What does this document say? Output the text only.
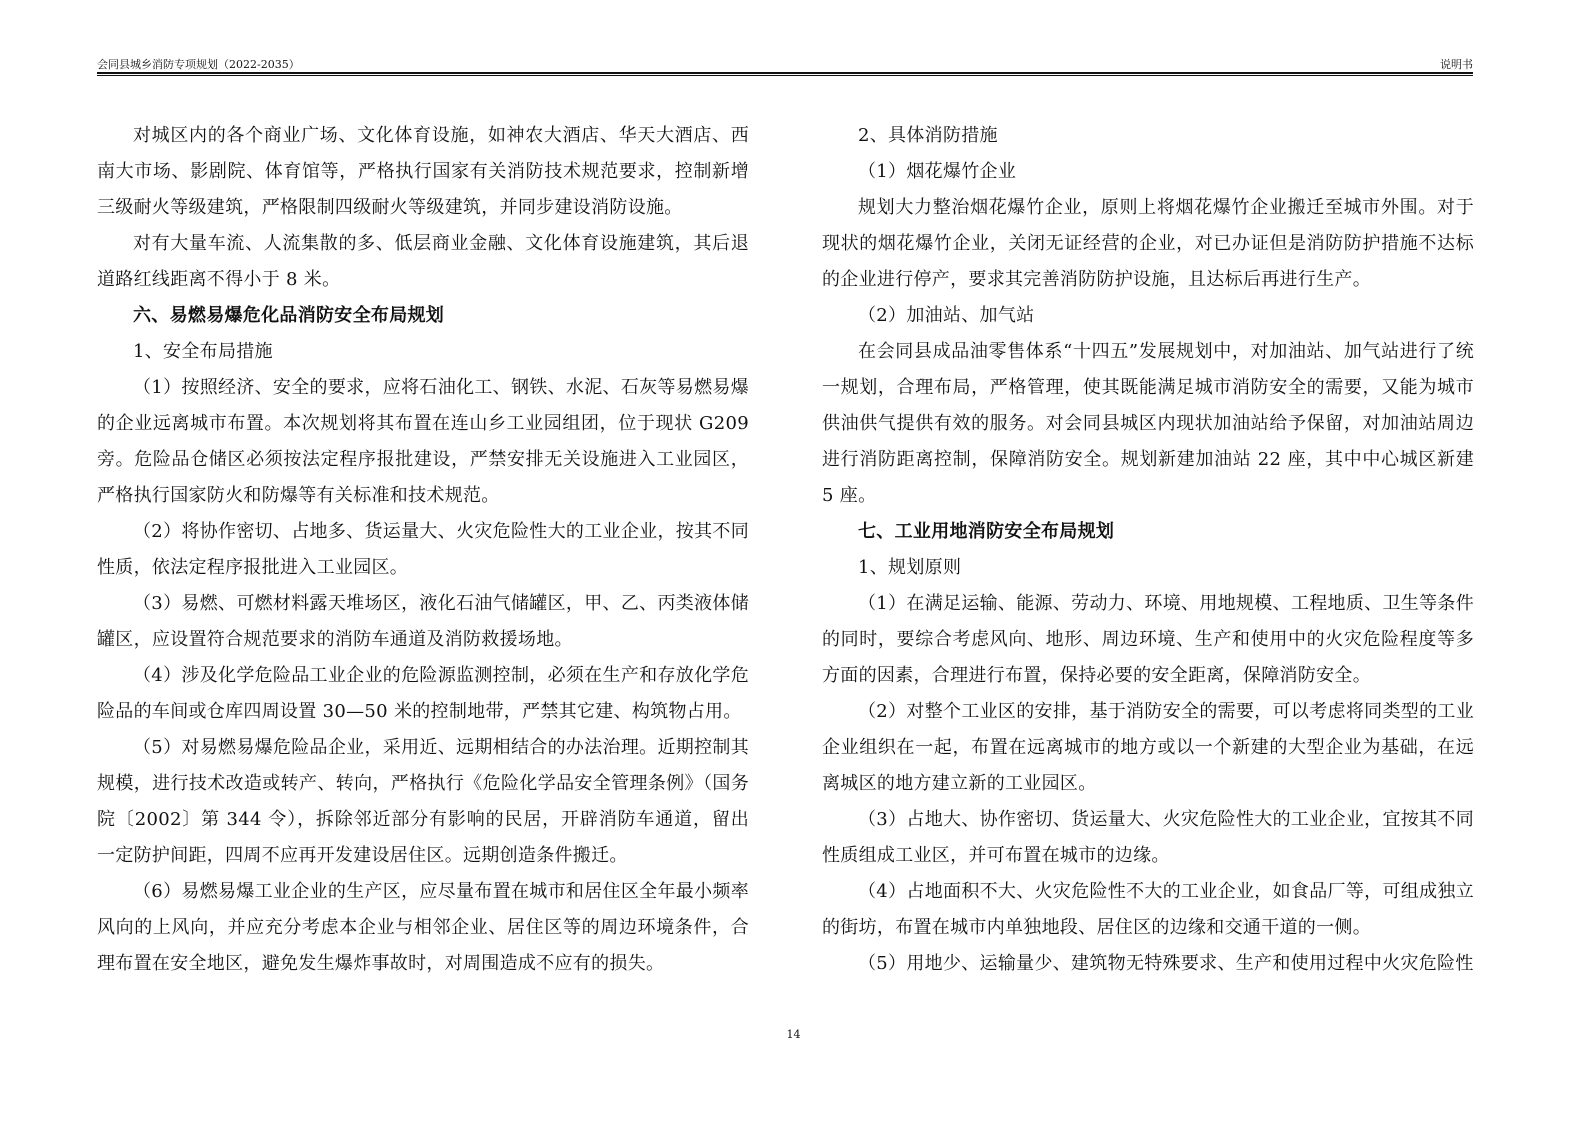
会同县城乡消防专项规划（2022-2035）	说明书

对城区内的各个商业广场、文化体育设施，如神农大酒店、华天大酒店、西南大市场、影剧院、体育馆等，严格执行国家有关消防技术规范要求，控制新增三级耐火等级建筑，严格限制四级耐火等级建筑，并同步建设消防设施。

对有大量车流、人流集散的多、低层商业金融、文化体育设施建筑，其后退道路红线距离不得小于 8 米。

六、易燃易爆危化品消防安全布局规划

1、安全布局措施

（1）按照经济、安全的要求，应将石油化工、钢铁、水泥、石灰等易燃易爆的企业远离城市布置。本次规划将其布置在连山乡工业园组团，位于现状 G209 旁。危险品仓储区必须按法定程序报批建设，严禁安排无关设施进入工业园区，严格执行国家防火和防爆等有关标准和技术规范。

（2）将协作密切、占地多、货运量大、火灾危险性大的工业企业，按其不同性质，依法定程序报批进入工业园区。

（3）易燃、可燃材料露天堆场区，液化石油气储罐区，甲、乙、丙类液体储罐区，应设置符合规范要求的消防车通道及消防救援场地。

（4）涉及化学危险品工业企业的危险源监测控制，必须在生产和存放化学危险品的车间或仓库四周设置 30—50 米的控制地带，严禁其它建、构筑物占用。

（5）对易燃易爆危险品企业，采用近、远期相结合的办法治理。近期控制其规模，进行技术改造或转产、转向，严格执行《危险化学品安全管理条例》（国务院〔2002〕第 344 令），拆除邻近部分有影响的民居，开辟消防车通道，留出一定防护间距，四周不应再开发建设居住区。远期创造条件搬迁。

（6）易燃易爆工业企业的生产区，应尽量布置在城市和居住区全年最小频率风向的上风向，并应充分考虑本企业与相邻企业、居住区等的周边环境条件，合理布置在安全地区，避免发生爆炸事故时，对周围造成不应有的损失。

2、具体消防措施

（1）烟花爆竹企业

规划大力整治烟花爆竹企业，原则上将烟花爆竹企业搬迁至城市外围。对于现状的烟花爆竹企业，关闭无证经营的企业，对已办证但是消防防护措施不达标的企业进行停产，要求其完善消防防护设施，且达标后再进行生产。

（2）加油站、加气站

在会同县成品油零售体系“十四五”发展规划中，对加油站、加气站进行了统一规划，合理布局，严格管理，使其既能满足城市消防安全的需要，又能为城市供油供气提供有效的服务。对会同县城区内现状加油站给予保留，对加油站周边进行消防距离控制，保障消防安全。规划新建加油站 22 座，其中中心城区新建 5 座。

七、工业用地消防安全布局规划

1、规划原则

（1）在满足运输、能源、劳动力、环境、用地规模、工程地质、卫生等条件的同时，要综合考虑风向、地形、周边环境、生产和使用中的火灾危险程度等多方面的因素，合理进行布置，保持必要的安全距离，保障消防安全。

（2）对整个工业区的安排，基于消防安全的需要，可以考虑将同类型的工业企业组织在一起，布置在远离城市的地方或以一个新建的大型企业为基础，在远离城区的地方建立新的工业园区。

（3）占地大、协作密切、货运量大、火灾危险性大的工业企业，宜按其不同性质组成工业区，并可布置在城市的边缘。

（4）占地面积不大、火灾危险性不大的工业企业，如食品厂等，可组成独立的街坊，布置在城市内单独地段、居住区的边缘和交通干道的一侧。

（5）用地少、运输量少、建筑物无特殊要求、生产和使用过程中火灾危险性

14
